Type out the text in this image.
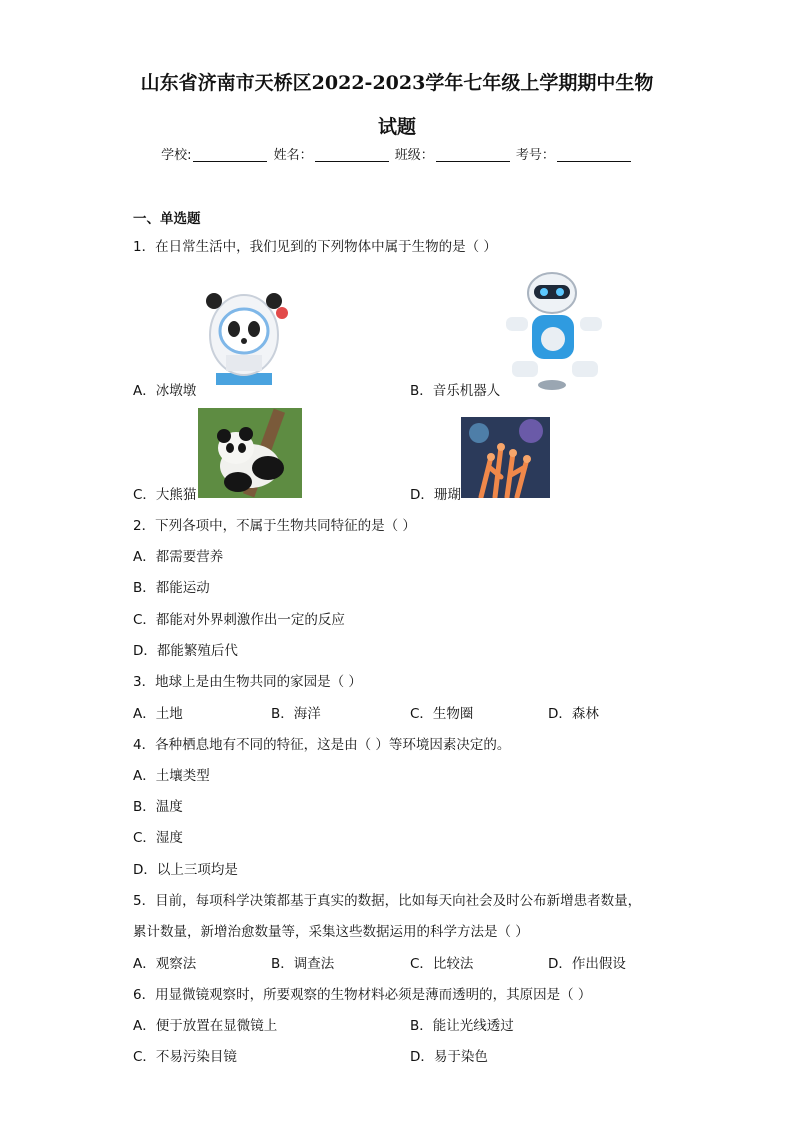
山东省济南市天桥区2022-2023学年七年级上学期期中生物
试题
学校:	姓名：	班级：	考号：
一、单选题
1．在日常生活中，我们见到的下列物体中属于生物的是（ ）
A．冰墩墩	B．音乐机器人
C．大熊猫	D．珊瑚
2．下列各项中，不属于生物共同特征的是（ ）
A．都需要营养
B．都能运动
C．都能对外界刺激作出一定的反应
D．都能繁殖后代
3．地球上是由生物共同的家园是（ ）
A．土地	B．海洋	C．生物圈	D．森林
4．各种栖息地有不同的特征，这是由（ ）等环境因素决定的。
A．土壤类型
B．温度
C．湿度
D．以上三项均是
5．目前，每项科学决策都基于真实的数据，比如每天向社会及时公布新增患者数量，
累计数量，新增治愈数量等，采集这些数据运用的科学方法是（ ）
A．观察法	B．调查法	C．比较法	D．作出假设
6．用显微镜观察时，所要观察的生物材料必须是薄而透明的，其原因是（ ）
A．便于放置在显微镜上	B．能让光线透过
C．不易污染目镜	D．易于染色
